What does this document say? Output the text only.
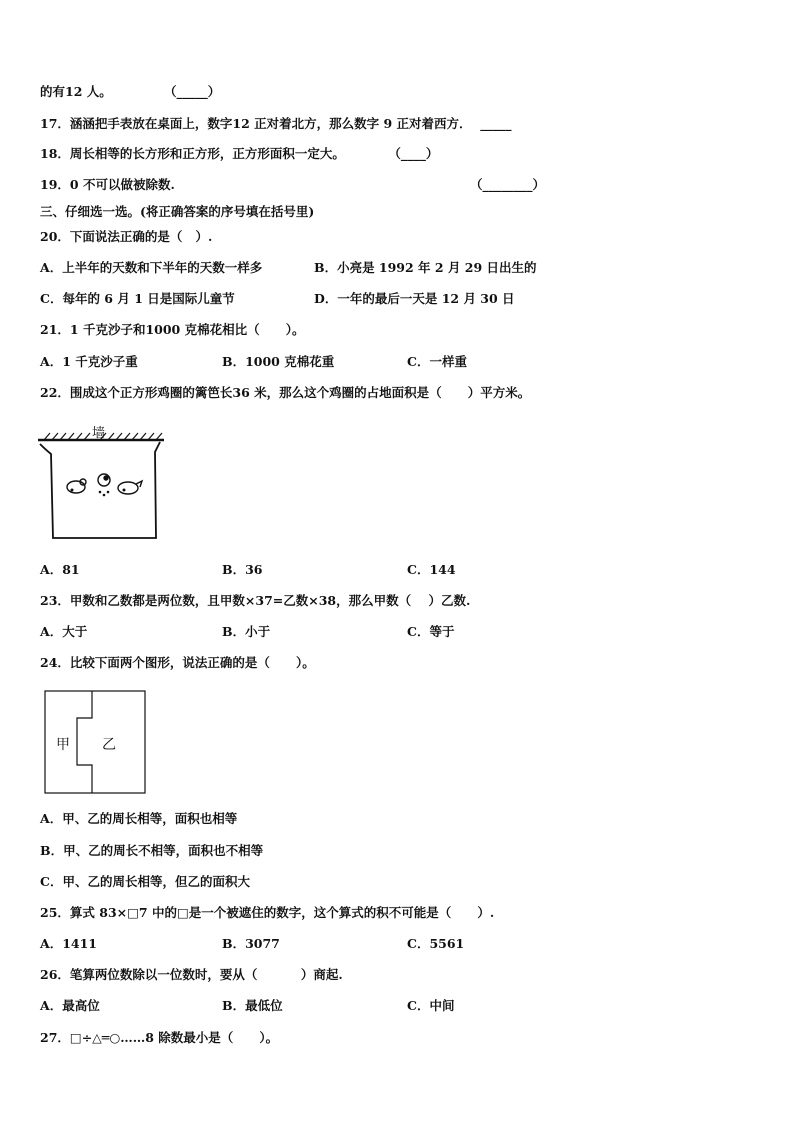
的有12 人。            （_____）
17．涵涵把手表放在桌面上，数字12 正对着北方，那么数字 9 正对着西方．  _____
18．周长相等的长方形和正方形，正方形面积一定大。          （____）
19．0 不可以做被除数.	（________）
三、仔细选一选。(将正确答案的序号填在括号里)
20．下面说法正确的是（   ）.
A．上半年的天数和下半年的天数一样多	B．小亮是 1992 年 2 月 29 日出生的
C．每年的 6 月 1 日是国际儿童节	D．一年的最后一天是 12 月 30 日
21．1 千克沙子和1000 克棉花相比（      ）。
A．1 千克沙子重	B．1000 克棉花重	C．一样重
22．围成这个正方形鸡圈的篱笆长36 米，那么这个鸡圈的占地面积是（      ）平方米。
墙
A．81	B．36	C．144
23．甲数和乙数都是两位数，且甲数×37=乙数×38，那么甲数（    ）乙数.
A．大于	B．小于	C．等于
24．比较下面两个图形，说法正确的是（      ）。
甲 乙
A．甲、乙的周长相等，面积也相等
B．甲、乙的周长不相等，面积也不相等
C．甲、乙的周长相等，但乙的面积大
25．算式 83×□7 中的□是一个被遮住的数字，这个算式的积不可能是（      ）.
A．1411	B．3077	C．5561
26．笔算两位数除以一位数时，要从（          ）商起.
A．最高位	B．最低位	C．中间
27．□÷△═○……8 除数最小是（      ）。
